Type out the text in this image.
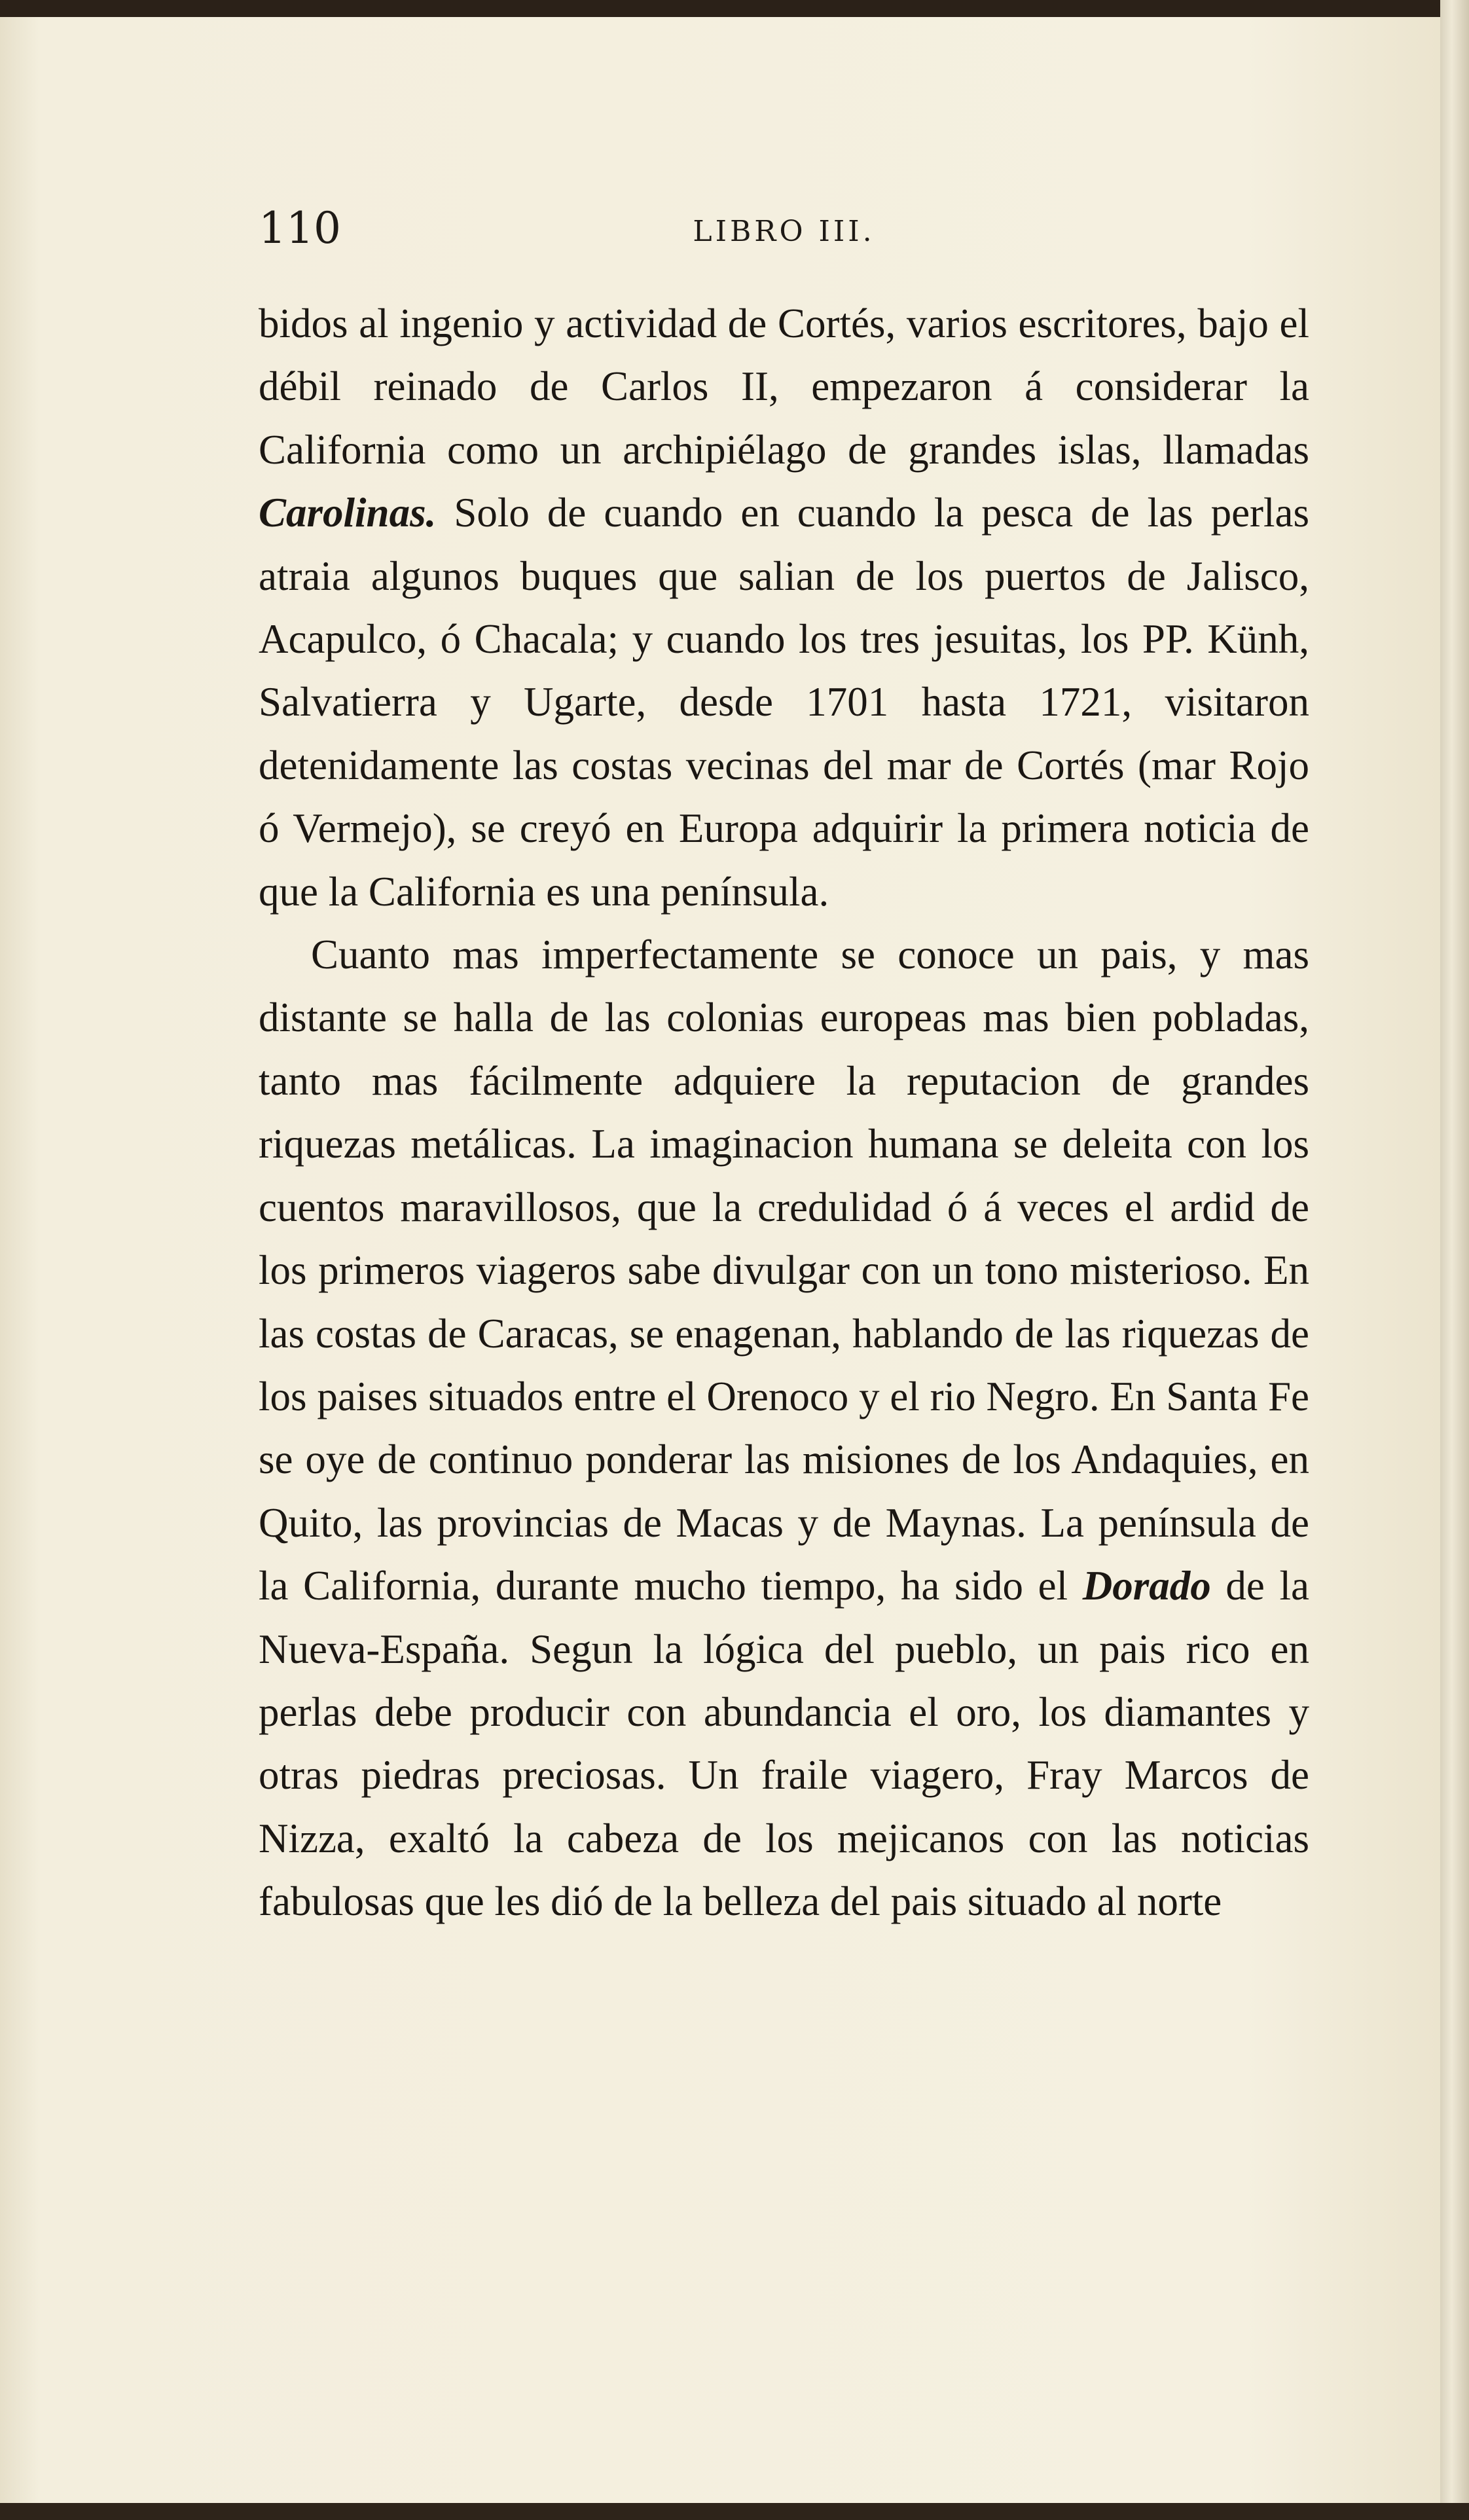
110	LIBRO III.

bidos al ingenio y actividad de Cortés, varios escritores, bajo el débil reinado de Carlos II, empezaron á considerar la California como un archipiélago de grandes islas, llamadas Carolinas. Solo de cuando en cuando la pesca de las perlas atraia algunos buques que salian de los puertos de Jalisco, Acapulco, ó Chacala; y cuando los tres jesuitas, los PP. Künh, Salvatierra y Ugarte, desde 1701 hasta 1721, visitaron detenidamente las costas vecinas del mar de Cortés (mar Rojo ó Vermejo), se creyó en Europa adquirir la primera noticia de que la California es una península.

Cuanto mas imperfectamente se conoce un pais, y mas distante se halla de las colonias europeas mas bien pobladas, tanto mas fácilmente adquiere la reputacion de grandes riquezas metálicas. La imaginacion humana se deleita con los cuentos maravillosos, que la credulidad ó á veces el ardid de los primeros viageros sabe divulgar con un tono misterioso. En las costas de Caracas, se enagenan, hablando de las riquezas de los paises situados entre el Orenoco y el rio Negro. En Santa Fe se oye de continuo ponderar las misiones de los Andaquies, en Quito, las provincias de Macas y de Maynas. La península de la California, durante mucho tiempo, ha sido el Dorado de la Nueva-España. Segun la lógica del pueblo, un pais rico en perlas debe producir con abundancia el oro, los diamantes y otras piedras preciosas. Un fraile viagero, Fray Marcos de Nizza, exaltó la cabeza de los mejicanos con las noticias fabulosas que les dió de la belleza del pais situado al norte
